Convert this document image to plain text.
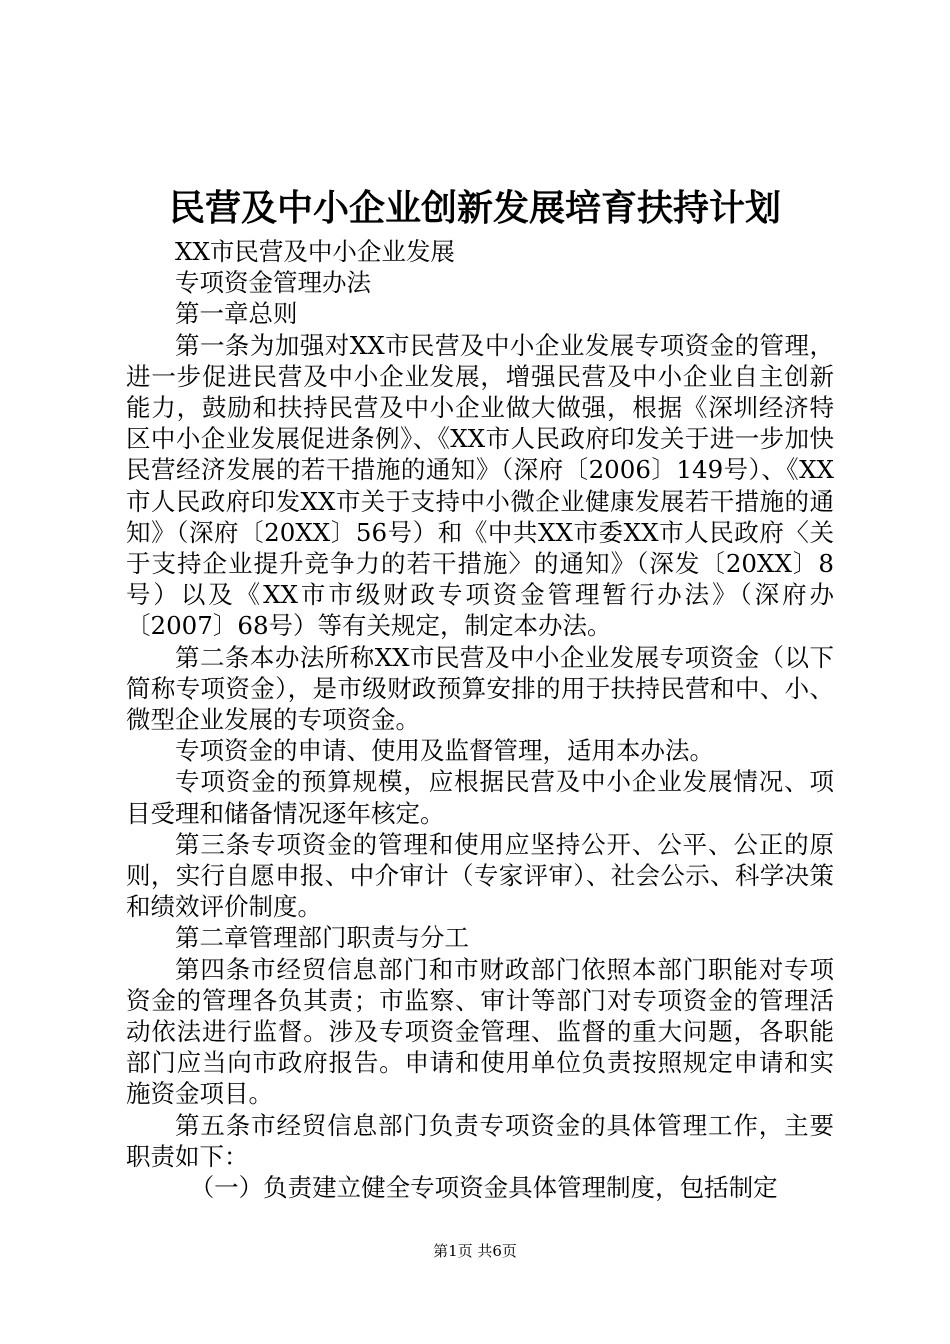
民营及中小企业创新发展培育扶持计划

XX市民营及中小企业发展

专项资金管理办法

第一章总则

第一条为加强对XX市民营及中小企业发展专项资金的管理，进一步促进民营及中小企业发展，增强民营及中小企业自主创新能力，鼓励和扶持民营及中小企业做大做强，根据《深圳经济特区中小企业发展促进条例》、《XX市人民政府印发关于进一步加快民营经济发展的若干措施的通知》（深府〔2006〕149号）、《XX市人民政府印发XX市关于支持中小微企业健康发展若干措施的通知》（深府〔20XX〕56号）和《中共XX市委XX市人民政府〈关于支持企业提升竞争力的若干措施〉的通知》（深发〔20XX〕8号）以及《XX市市级财政专项资金管理暂行办法》（深府办〔2007〕68号）等有关规定，制定本办法。

第二条本办法所称XX市民营及中小企业发展专项资金（以下简称专项资金），是市级财政预算安排的用于扶持民营和中、小、微型企业发展的专项资金。

专项资金的申请、使用及监督管理，适用本办法。

专项资金的预算规模，应根据民营及中小企业发展情况、项目受理和储备情况逐年核定。

第三条专项资金的管理和使用应坚持公开、公平、公正的原则，实行自愿申报、中介审计（专家评审）、社会公示、科学决策和绩效评价制度。

第二章管理部门职责与分工

第四条市经贸信息部门和市财政部门依照本部门职能对专项资金的管理各负其责；市监察、审计等部门对专项资金的管理活动依法进行监督。涉及专项资金管理、监督的重大问题，各职能部门应当向市政府报告。申请和使用单位负责按照规定申请和实施资金项目。

第五条市经贸信息部门负责专项资金的具体管理工作，主要职责如下：

（一）负责建立健全专项资金具体管理制度，包括制定

第1页 共6页
